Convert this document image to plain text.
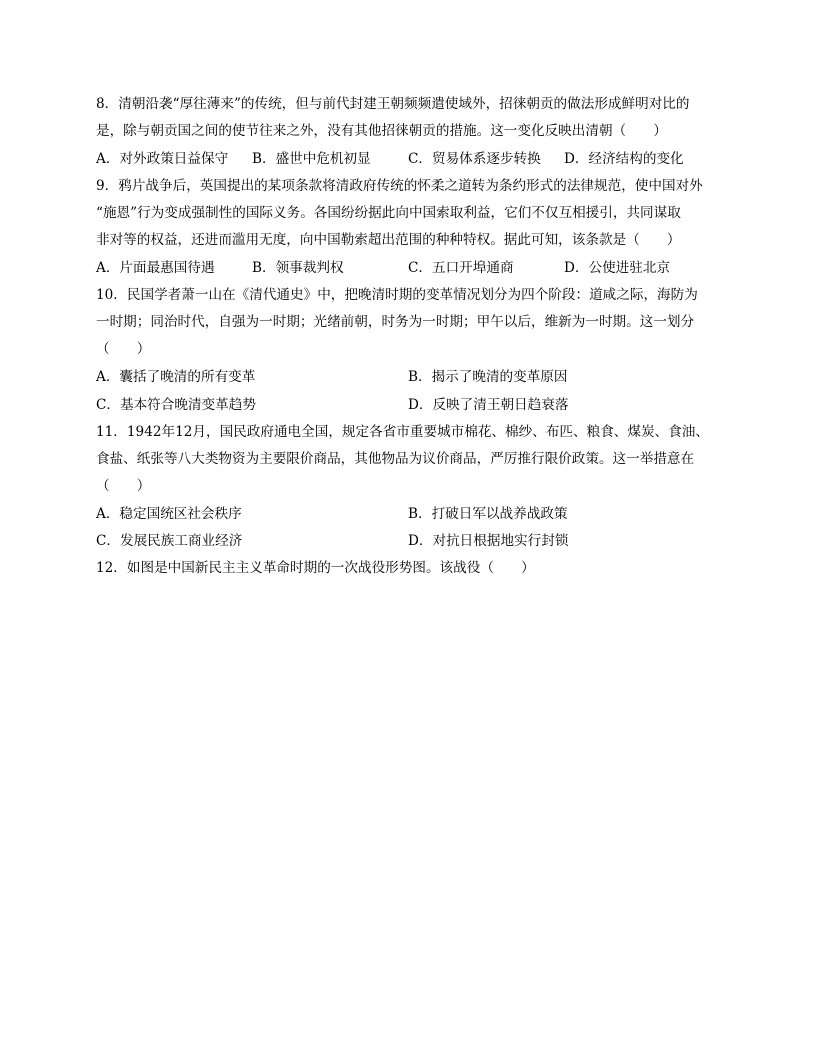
8．清朝沿袭“厚往薄来”的传统，但与前代封建王朝频频遣使域外，招徕朝贡的做法形成鲜明对比的
是，除与朝贡国之间的使节往来之外，没有其他招徕朝贡的措施。这一变化反映出清朝（　　）
A．对外政策日益保守 B．盛世中危机初显	C．贸易体系逐步转换 D．经济结构的变化
9．鸦片战争后，英国提出的某项条款将清政府传统的怀柔之道转为条约形式的法律规范，使中国对外
“施恩”行为变成强制性的国际义务。各国纷纷据此向中国索取利益，它们不仅互相援引，共同谋取
非对等的权益，还进而滥用无度，向中国勒索超出范围的种种特权。据此可知，该条款是（　　）
A．片面最惠国待遇	B．领事裁判权	C．五口开埠通商	D．公使进驻北京
10．民国学者萧一山在《清代通史》中，把晚清时期的变革情况划分为四个阶段：道咸之际，海防为
一时期；同治时代，自强为一时期；光绪前朝，时务为一时期；甲午以后，维新为一时期。这一划分
（　　）
A．囊括了晚清的所有变革	B．揭示了晚清的变革原因
C．基本符合晚清变革趋势	D．反映了清王朝日趋衰落
11．1942年12月，国民政府通电全国，规定各省市重要城市棉花、棉纱、布匹、粮食、煤炭、食油、
食盐、纸张等八大类物资为主要限价商品，其他物品为议价商品，严厉推行限价政策。这一举措意在
（　　）
A．稳定国统区社会秩序	B．打破日军以战养战政策
C．发展民族工商业经济	D．对抗日根据地实行封锁
12．如图是中国新民主主义革命时期的一次战役形势图。该战役（　　）
